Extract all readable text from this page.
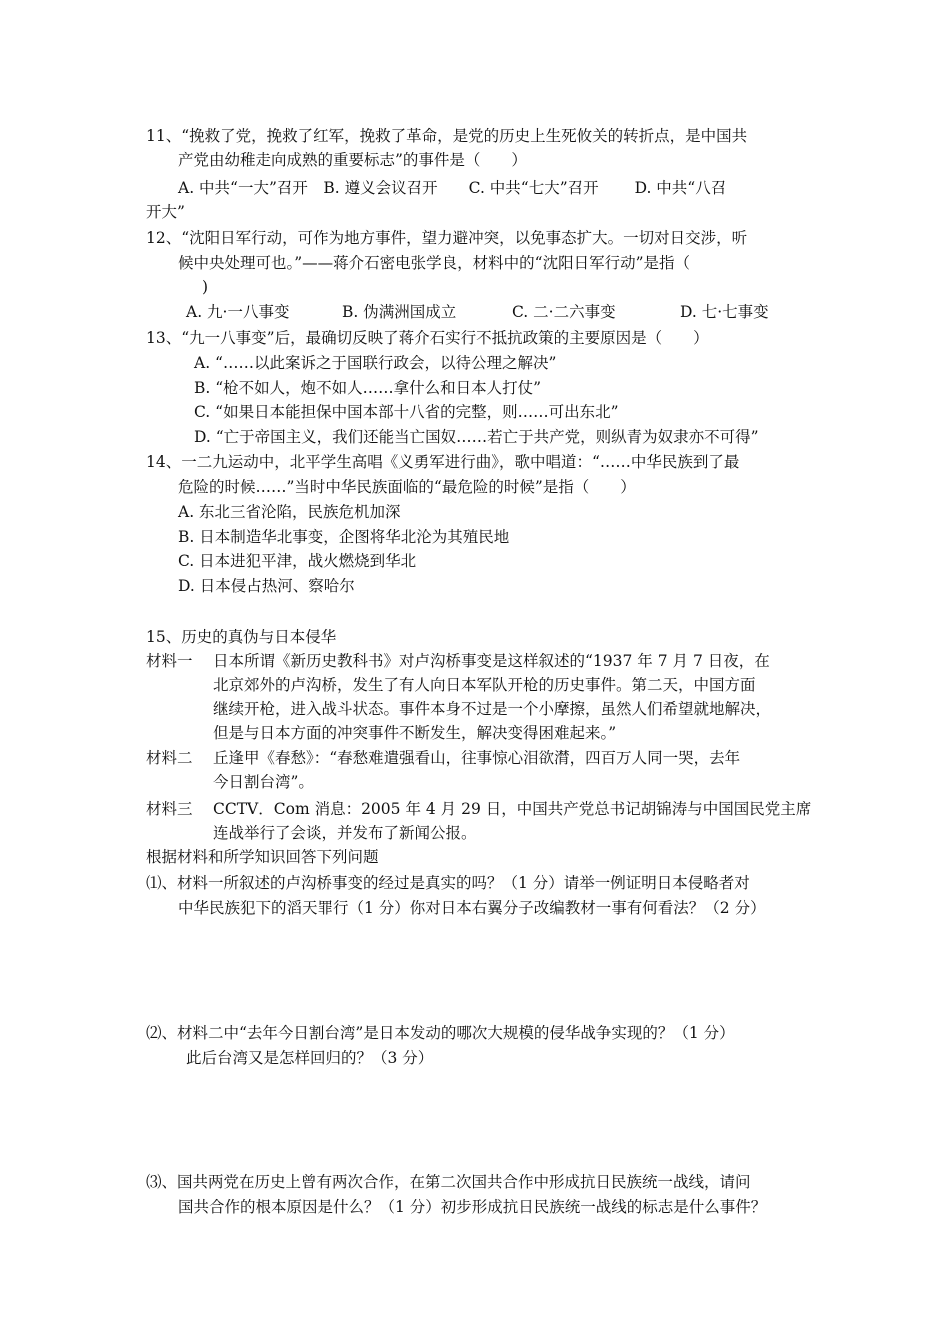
11、“挽救了党，挽救了红军，挽救了革命，是党的历史上生死攸关的转折点，是中国共
产党由幼稚走向成熟的重要标志”的事件是（　　）
A. 中共“一大”召开　B. 遵义会议召开　　C. 中共“七大”召开　　 D. 中共“八召
开大”
12、“沈阳日军行动，可作为地方事件，望力避冲突，以免事态扩大。一切对日交涉，听
候中央处理可也。”——蒋介石密电张学良，材料中的“沈阳日军行动”是指（
)
A. 九·一八事变	B. 伪满洲国成立	C. 二·二六事变	D. 七·七事变
13、“九一八事变”后，最确切反映了蒋介石实行不抵抗政策的主要原因是（　　）
A. “……以此案诉之于国联行政会，以待公理之解决”
B. “枪不如人，炮不如人……拿什么和日本人打仗”
C. “如果日本能担保中国本部十八省的完整，则……可出东北”
D. “亡于帝国主义，我们还能当亡国奴……若亡于共产党，则纵青为奴隶亦不可得”
14、一二九运动中，北平学生高唱《义勇军进行曲》，歌中唱道：“……中华民族到了最
危险的时候……”当时中华民族面临的“最危险的时候”是指（　　）
A. 东北三省沦陷，民族危机加深
B. 日本制造华北事变，企图将华北沦为其殖民地
C. 日本进犯平津，战火燃烧到华北
D. 日本侵占热河、察哈尔
15、历史的真伪与日本侵华
材料一 日本所谓《新历史教科书》对卢沟桥事变是这样叙述的“1937 年 7 月 7 日夜，在
北京郊外的卢沟桥，发生了有人向日本军队开枪的历史事件。第二天，中国方面
继续开枪，进入战斗状态。事件本身不过是一个小摩擦，虽然人们希望就地解决，
但是与日本方面的冲突事件不断发生，解决变得困难起来。”
材料二 丘逢甲《春愁》：“春愁难遣强看山，往事惊心泪欲潸，四百万人同一哭，去年
今日割台湾”。
材料三 CCTV．Com 消息：2005 年 4 月 29 日，中国共产党总书记胡锦涛与中国国民党主席
连战举行了会谈，并发布了新闻公报。
根据材料和所学知识回答下列问题
⑴、材料一所叙述的卢沟桥事变的经过是真实的吗？（1 分）请举一例证明日本侵略者对
中华民族犯下的滔天罪行（1 分）你对日本右翼分子改编教材一事有何看法？（2 分）
⑵、材料二中“去年今日割台湾”是日本发动的哪次大规模的侵华战争实现的？（1 分）
此后台湾又是怎样回归的？（3 分）
⑶、国共两党在历史上曾有两次合作，在第二次国共合作中形成抗日民族统一战线，请问
国共合作的根本原因是什么？（1 分）初步形成抗日民族统一战线的标志是什么事件？
